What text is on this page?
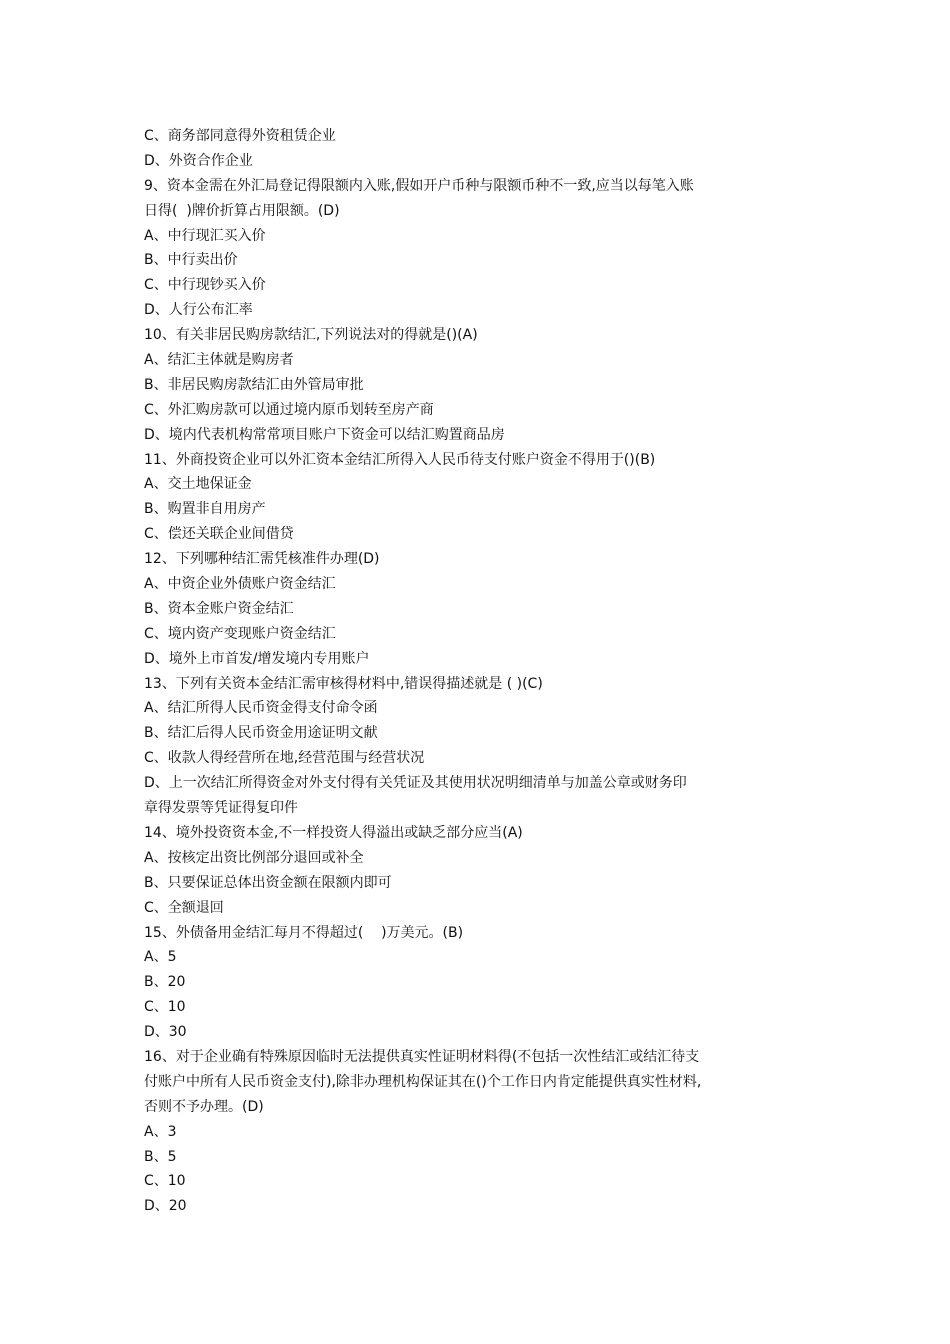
C、商务部同意得外资租赁企业
D、外资合作企业
9、资本金需在外汇局登记得限额内入账,假如开户币种与限额币种不一致,应当以每笔入账
日得(  )牌价折算占用限额。(D)
A、中行现汇买入价
B、中行卖出价
C、中行现钞买入价
D、人行公布汇率
10、有关非居民购房款结汇,下列说法对的得就是()(A)
A、结汇主体就是购房者
B、非居民购房款结汇由外管局审批
C、外汇购房款可以通过境内原币划转至房产商
D、境内代表机构常常项目账户下资金可以结汇购置商品房
11、外商投资企业可以外汇资本金结汇所得入人民币待支付账户资金不得用于()(B)
A、交土地保证金
B、购置非自用房产
C、偿还关联企业间借贷
12、下列哪种结汇需凭核准件办理(D)
A、中资企业外债账户资金结汇
B、资本金账户资金结汇
C、境内资产变现账户资金结汇
D、境外上市首发/增发境内专用账户
13、下列有关资本金结汇需审核得材料中,错误得描述就是 ( )(C)
A、结汇所得人民币资金得支付命令函
B、结汇后得人民币资金用途证明文献
C、收款人得经营所在地,经营范围与经营状况
D、上一次结汇所得资金对外支付得有关凭证及其使用状况明细清单与加盖公章或财务印
章得发票等凭证得复印件
14、境外投资资本金,不一样投资人得溢出或缺乏部分应当(A)
A、按核定出资比例部分退回或补全
B、只要保证总体出资金额在限额内即可
C、全额退回
15、外债备用金结汇每月不得超过(    )万美元。(B)
A、5
B、20
C、10
D、30
16、对于企业确有特殊原因临时无法提供真实性证明材料得(不包括一次性结汇或结汇待支
付账户中所有人民币资金支付),除非办理机构保证其在()个工作日内肯定能提供真实性材料,
否则不予办理。(D)
A、3
B、5
C、10
D、20
